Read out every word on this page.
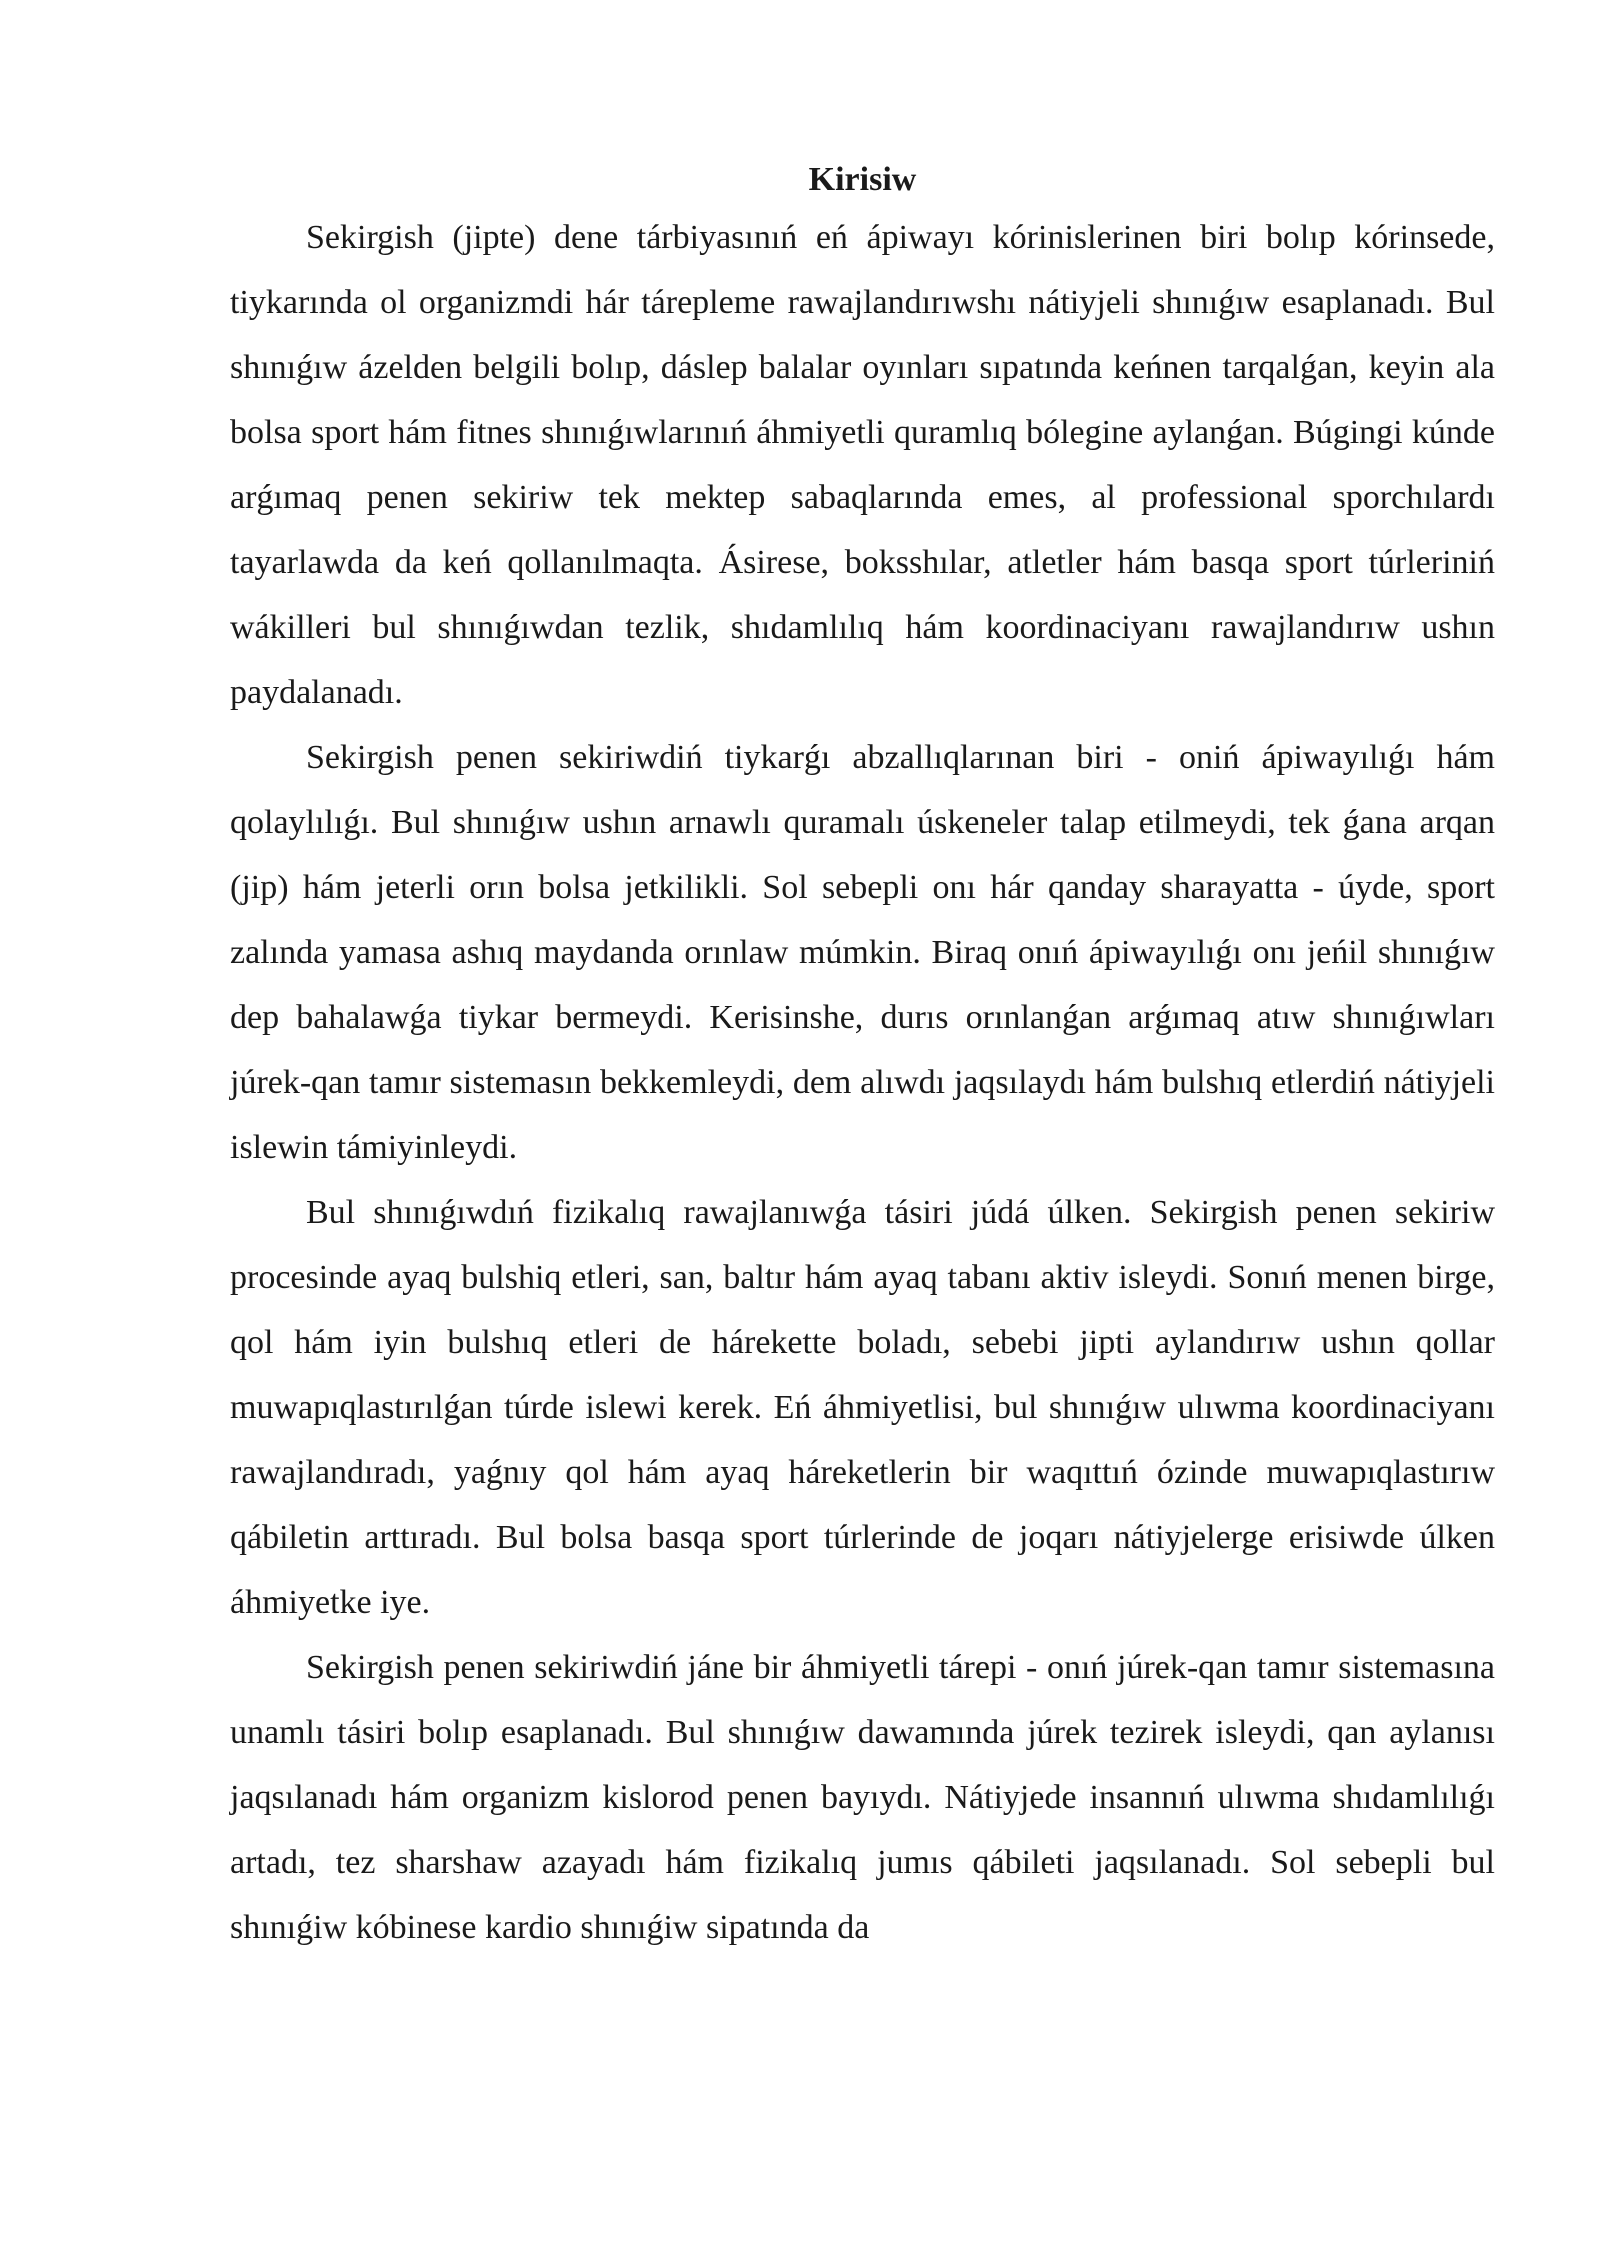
Kirisiw

Sekirgish (jipte) dene tárbiyasınıń eń ápiwayı kórinislerinen biri bolıp kórinsede, tiykarında ol organizmdi hár tárepleme rawajlandırıwshı nátiyjeli shınıǵıw esaplanadı. Bul shınıǵıw ázelden belgili bolıp, dáslep balalar oyınları sıpatında keńnen tarqalǵan, keyin ala bolsa sport hám fitnes shınıǵıwlarınıń áhmiyetli quramlıq bólegine aylanǵan. Búgingi kúnde arǵımaq penen sekiriw tek mektep sabaqlarında emes, al professional sporchılardı tayarlawda da keń qollanılmaqta. Ásirese, boksshılar, atletler hám basqa sport túrleriniń wákilleri bul shınıǵıwdan tezlik, shıdamlılıq hám koordinaciyanı rawajlandırıw ushın paydalanadı.

Sekirgish penen sekiriwdiń tiykarǵı abzallıqlarınan biri - oniń ápiwayılıǵı hám qolaylılıǵı. Bul shınıǵıw ushın arnawlı quramalı úskeneler talap etilmeydi, tek ǵana arqan (jip) hám jeterli orın bolsa jetkilikli. Sol sebepli onı hár qanday sharayatta - úyde, sport zalında yamasa ashıq maydanda orınlaw múmkin. Biraq onıń ápiwayılıǵı onı jeńil shınıǵıw dep bahalawǵa tiykar bermeydi. Kerisinshe, durıs orınlanǵan arǵımaq atıw shınıǵıwları júrek-qan tamır sistemasın bekkemleydi, dem alıwdı jaqsılaydı hám bulshıq etlerdiń nátiyjeli islewin támiyinleydi.

Bul shınıǵıwdıń fizikalıq rawajlanıwǵa tásiri júdá úlken. Sekirgish penen sekiriw procesinde ayaq bulshiq etleri, san, baltır hám ayaq tabanı aktiv isleydi. Sonıń menen birge, qol hám iyin bulshıq etleri de hárekette boladı, sebebi jipti aylandırıw ushın qollar muwapıqlastırılǵan túrde islewi kerek. Eń áhmiyetlisi, bul shınıǵıw ulıwma koordinaciyanı rawajlandıradı, yaǵnıy qol hám ayaq háreketlerin bir waqıttıń ózinde muwapıqlastırıw qábiletin arttıradı. Bul bolsa basqa sport túrlerinde de joqarı nátiyjelerge erisiwde úlken áhmiyetke iye.

Sekirgish penen sekiriwdiń jáne bir áhmiyetli tárepi - onıń júrek-qan tamır sistemasına unamlı tásiri bolıp esaplanadı. Bul shınıǵıw dawamında júrek tezirek isleydi, qan aylanısı jaqsılanadı hám organizm kislorod penen bayıydı. Nátiyjede insannıń ulıwma shıdamlılıǵı artadı, tez sharshaw azayadı hám fizikalıq jumıs qábileti jaqsılanadı. Sol sebepli bul shınıǵiw kóbinese kardio shınıǵiw sipatında da
